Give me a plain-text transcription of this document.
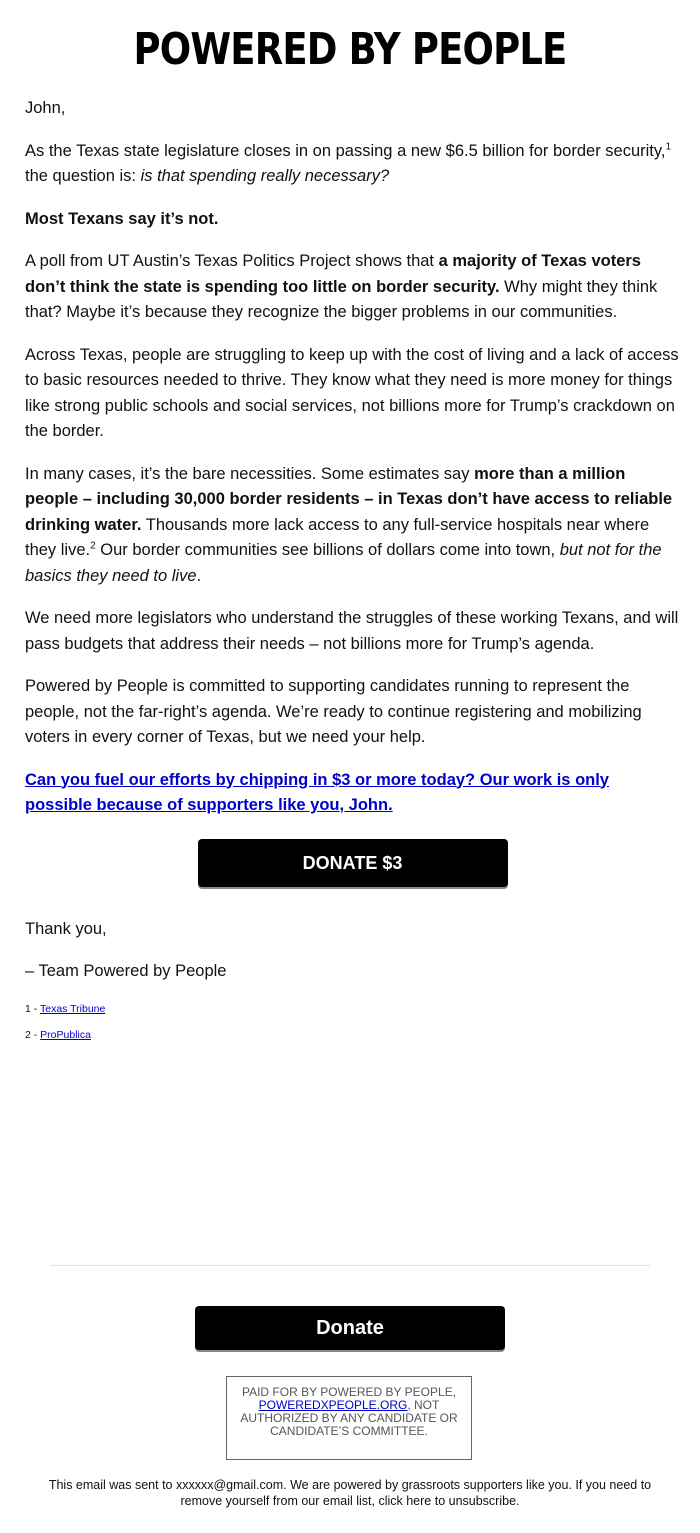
POWERED BY PEOPLE

John,

As the Texas state legislature closes in on passing a new $6.5 billion for border security,$^1$ the question is: is that spending really necessary?

Most Texans say it’s not.

A poll from UT Austin’s Texas Politics Project shows that a majority of Texas voters don’t think the state is spending too little on border security. Why might they think that? Maybe it’s because they recognize the bigger problems in our communities.

Across Texas, people are struggling to keep up with the cost of living and a lack of access to basic resources needed to thrive. They know what they need is more money for things like strong public schools and social services, not billions more for Trump’s crackdown on the border.

In many cases, it’s the bare necessities. Some estimates say more than a million people – including 30,000 border residents – in Texas don’t have access to reliable drinking water. Thousands more lack access to any full-service hospitals near where they live.$^2$ Our border communities see billions of dollars come into town, but not for the basics they need to live.

We need more legislators who understand the struggles of these working Texans, and will pass budgets that address their needs – not billions more for Trump’s agenda.

Powered by People is committed to supporting candidates running to represent the people, not the far-right’s agenda. We’re ready to continue registering and mobilizing voters in every corner of Texas, but we need your help.

Can you fuel our efforts by chipping in $3 or more today? Our work is only possible because of supporters like you, John.

DONATE $3

Thank you,

– Team Powered by People

1 - Texas Tribune

2 - ProPublica

Donate
PAID FOR BY POWERED BY PEOPLE, POWEREDXPEOPLE.ORG, NOT AUTHORIZED BY ANY CANDIDATE OR CANDIDATE’S COMMITTEE.
This email was sent to xxxxxx@gmail.com. We are powered by grassroots supporters like you. If you need to remove yourself from our email list, click here to unsubscribe.
